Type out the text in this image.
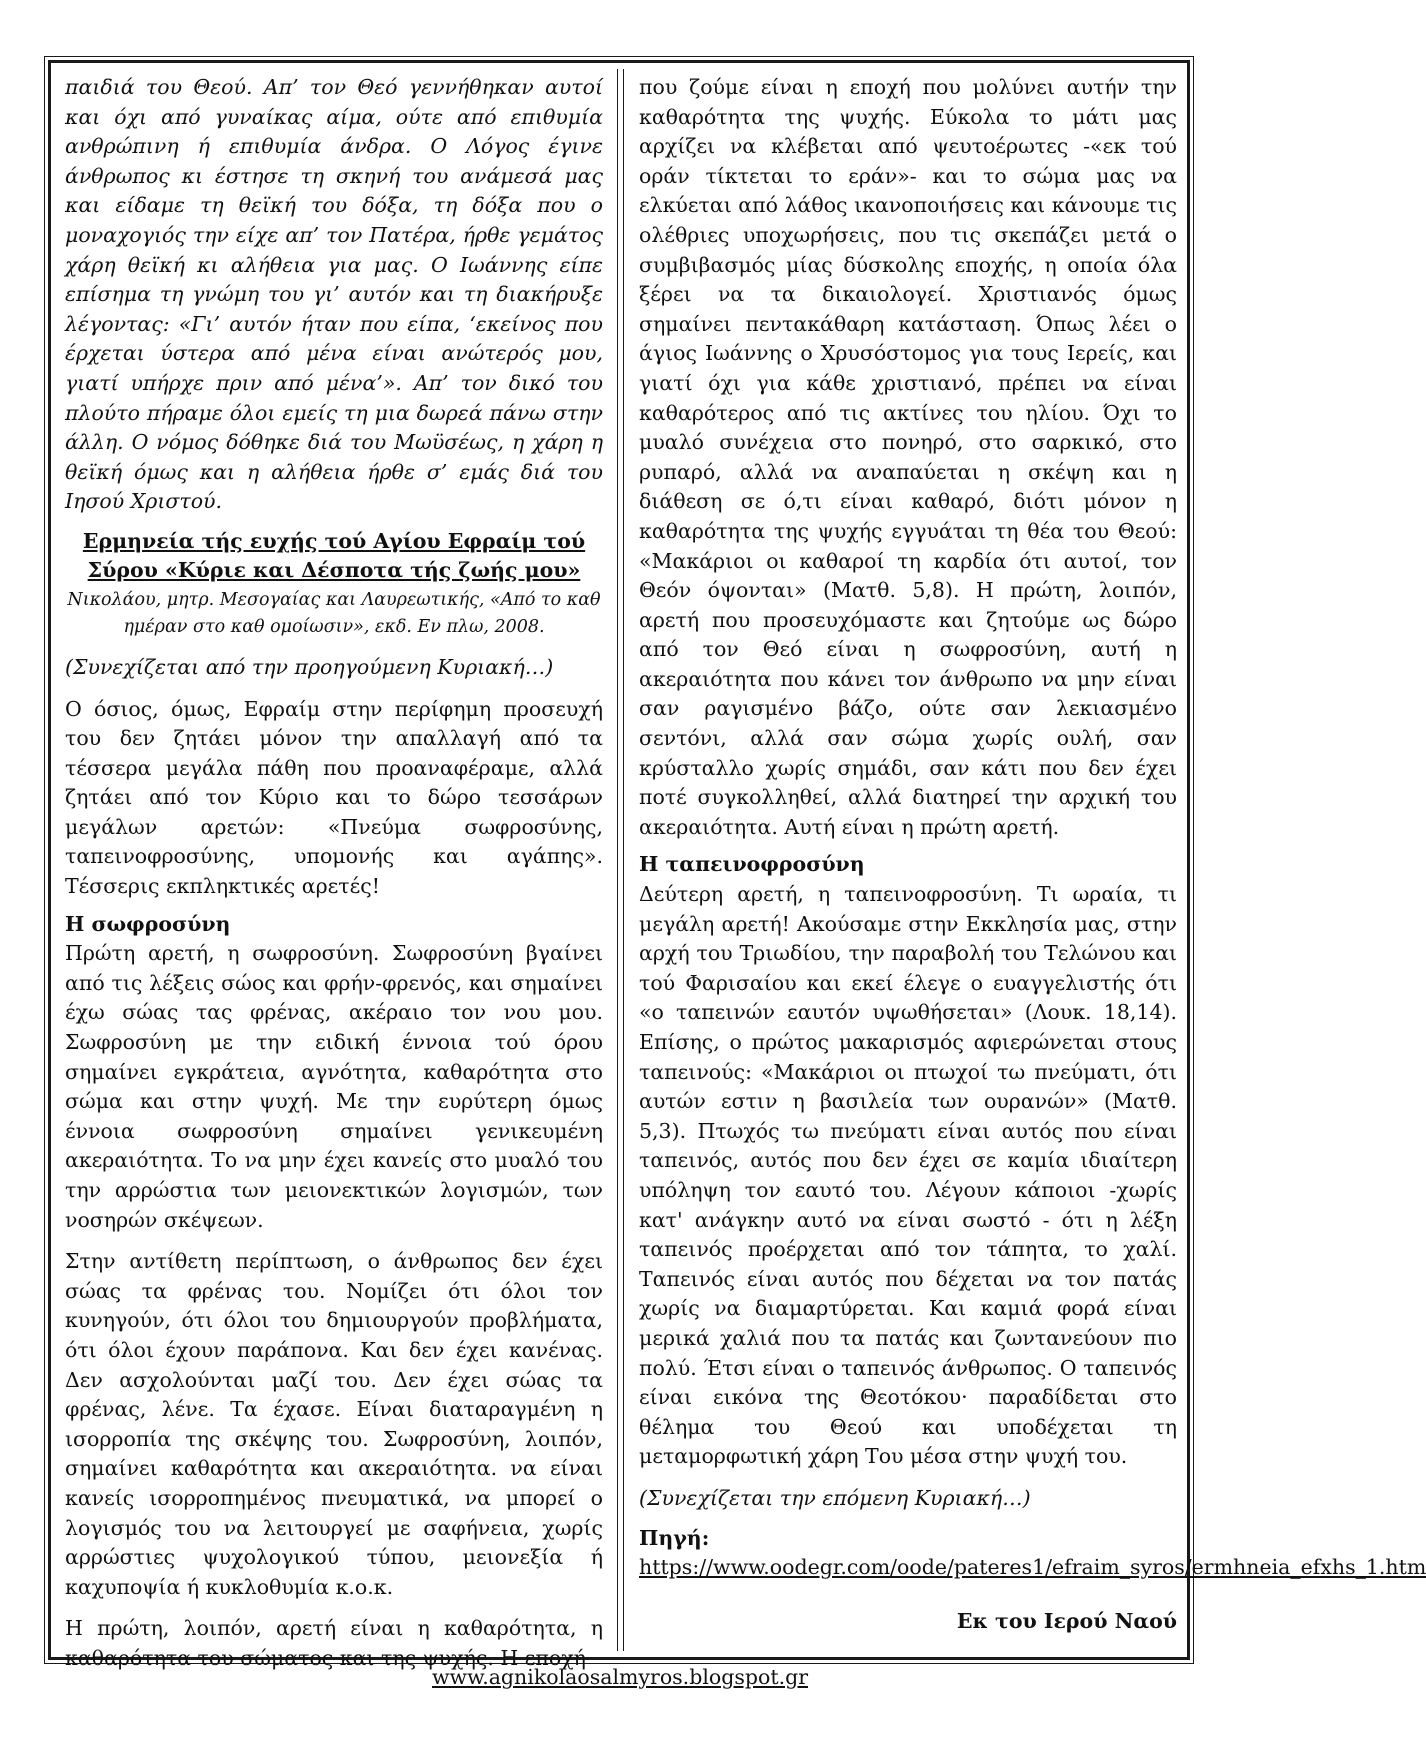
παιδιά του Θεού. Απ’ τον Θεό γεννήθηκαν αυτοί και όχι από γυναίκας αίμα, ούτε από επιθυμία ανθρώπινη ή επιθυμία άνδρα. Ο Λόγος έγινε άνθρωπος κι έστησε τη σκηνή του ανάμεσά μας και είδαμε τη θεϊκή του δόξα, τη δόξα που ο μοναχογιός την είχε απ’ τον Πατέρα, ήρθε γεμάτος χάρη θεϊκή κι αλήθεια για μας. Ο Ιωάννης είπε επίσημα τη γνώμη του γι’ αυτόν και τη διακήρυξε λέγοντας: «Γι’ αυτόν ήταν που είπα, ‘εκείνος που έρχεται ύστερα από μένα είναι ανώτερός μου, γιατί υπήρχε πριν από μένα’». Απ’ τον δικό του πλούτο πήραμε όλοι εμείς τη μια δωρεά πάνω στην άλλη. Ο νόμος δόθηκε διά του Μωϋσέως, η χάρη η θεϊκή όμως και η αλήθεια ήρθε σ’ εμάς διά του Ιησού Χριστού.

Ερμηνεία τής ευχής τού Αγίου Εφραίμ τού Σύρου «Κύριε και Δέσποτα τής ζωής μου»

Νικολάου, μητρ. Μεσογαίας και Λαυρεωτικής, «Από το καθ ημέραν στο καθ ομοίωσιν», εκδ. Εν πλω, 2008.

(Συνεχίζεται από την προηγούμενη Κυριακή…)

Ο όσιος, όμως, Εφραίμ στην περίφημη προσευχή του δεν ζητάει μόνον την απαλλαγή από τα τέσσερα μεγάλα πάθη που προαναφέραμε, αλλά ζητάει από τον Κύριο και το δώρο τεσσάρων μεγάλων αρετών: «Πνεύμα σωφροσύνης, ταπεινοφροσύνης, υπομονής και αγάπης». Τέσσερις εκπληκτικές αρετές!

Η σωφροσύνη

Πρώτη αρετή, η σωφροσύνη. Σωφροσύνη βγαίνει από τις λέξεις σώος και φρήν-φρενός, και σημαίνει έχω σώας τας φρένας, ακέραιο τον νου μου. Σωφροσύνη με την ειδική έννοια τού όρου σημαίνει εγκράτεια, αγνότητα, καθαρότητα στο σώμα και στην ψυχή. Με την ευρύτερη όμως έννοια σωφροσύνη σημαίνει γενικευμένη ακεραιότητα. Το να μην έχει κανείς στο μυαλό του την αρρώστια των μειονεκτικών λογισμών, των νοσηρών σκέψεων.

Στην αντίθετη περίπτωση, ο άνθρωπος δεν έχει σώας τα φρένας του. Νομίζει ότι όλοι τον κυνηγούν, ότι όλοι του δημιουργούν προβλήματα, ότι όλοι έχουν παράπονα. Και δεν έχει κανένας. Δεν ασχολούνται μαζί του. Δεν έχει σώας τα φρένας, λένε. Τα έχασε. Είναι διαταραγμένη η ισορροπία της σκέψης του. Σωφροσύνη, λοιπόν, σημαίνει καθαρότητα και ακεραιότητα. να είναι κανείς ισορροπημένος πνευματικά, να μπορεί ο λογισμός του να λειτουργεί με σαφήνεια, χωρίς αρρώστιες ψυχολογικού τύπου, μειονεξία ή καχυποψία ή κυκλοθυμία κ.ο.κ.

Η πρώτη, λοιπόν, αρετή είναι η καθαρότητα, η καθαρότητα του σώματος και της ψυχής. Η εποχή

που ζούμε είναι η εποχή που μολύνει αυτήν την καθαρότητα της ψυχής. Εύκολα το μάτι μας αρχίζει να κλέβεται από ψευτοέρωτες -«εκ τού οράν τίκτεται το εράν»- και το σώμα μας να ελκύεται από λάθος ικανοποιήσεις και κάνουμε τις ολέθριες υποχωρήσεις, που τις σκεπάζει μετά ο συμβιβασμός μίας δύσκολης εποχής, η οποία όλα ξέρει να τα δικαιολογεί. Χριστιανός όμως σημαίνει πεντακάθαρη κατάσταση. Όπως λέει ο άγιος Ιωάννης ο Χρυσόστομος για τους Ιερείς, και γιατί όχι για κάθε χριστιανό, πρέπει να είναι καθαρότερος από τις ακτίνες του ηλίου. Όχι το μυαλό συνέχεια στο πονηρό, στο σαρκικό, στο ρυπαρό, αλλά να αναπαύεται η σκέψη και η διάθεση σε ό,τι είναι καθαρό, διότι μόνον η καθαρότητα της ψυχής εγγυάται τη θέα του Θεού: «Μακάριοι οι καθαροί τη καρδία ότι αυτοί, τον Θεόν όψονται» (Ματθ. 5,8). Η πρώτη, λοιπόν, αρετή που προσευχόμαστε και ζητούμε ως δώρο από τον Θεό είναι η σωφροσύνη, αυτή η ακεραιότητα που κάνει τον άνθρωπο να μην είναι σαν ραγισμένο βάζο, ούτε σαν λεκιασμένο σεντόνι, αλλά σαν σώμα χωρίς ουλή, σαν κρύσταλλο χωρίς σημάδι, σαν κάτι που δεν έχει ποτέ συγκολληθεί, αλλά διατηρεί την αρχική του ακεραιότητα. Αυτή είναι η πρώτη αρετή.

Η ταπεινοφροσύνη

Δεύτερη αρετή, η ταπεινοφροσύνη. Τι ωραία, τι μεγάλη αρετή! Ακούσαμε στην Εκκλησία μας, στην αρχή του Τριωδίου, την παραβολή του Τελώνου και τού Φαρισαίου και εκεί έλεγε ο ευαγγελιστής ότι «ο ταπεινών εαυτόν υψωθήσεται» (Λουκ. 18,14). Επίσης, ο πρώτος μακαρισμός αφιερώνεται στους ταπεινούς: «Μακάριοι οι πτωχοί τω πνεύματι, ότι αυτών εστιν η βασιλεία των ουρανών» (Ματθ. 5,3). Πτωχός τω πνεύματι είναι αυτός που είναι ταπεινός, αυτός που δεν έχει σε καμία ιδιαίτερη υπόληψη τον εαυτό του. Λέγουν κάποιοι -χωρίς κατ' ανάγκην αυτό να είναι σωστό - ότι η λέξη ταπεινός προέρχεται από τον τάπητα, το χαλί. Ταπεινός είναι αυτός που δέχεται να τον πατάς χωρίς να διαμαρτύρεται. Και καμιά φορά είναι μερικά χαλιά που τα πατάς και ζωντανεύουν πιο πολύ. Έτσι είναι ο ταπεινός άνθρωπος. Ο ταπεινός είναι εικόνα της Θεοτόκου· παραδίδεται στο θέλημα του Θεού και υποδέχεται τη μεταμορφωτική χάρη Του μέσα στην ψυχή του.

(Συνεχίζεται την επόμενη Κυριακή…)

Πηγή: https://www.oodegr.com/oode/pateres1/efraim_syros/ermhneia_efxhs_1.htm

Εκ του Ιερού Ναού

www.agnikolaosalmyros.blogspot.gr
